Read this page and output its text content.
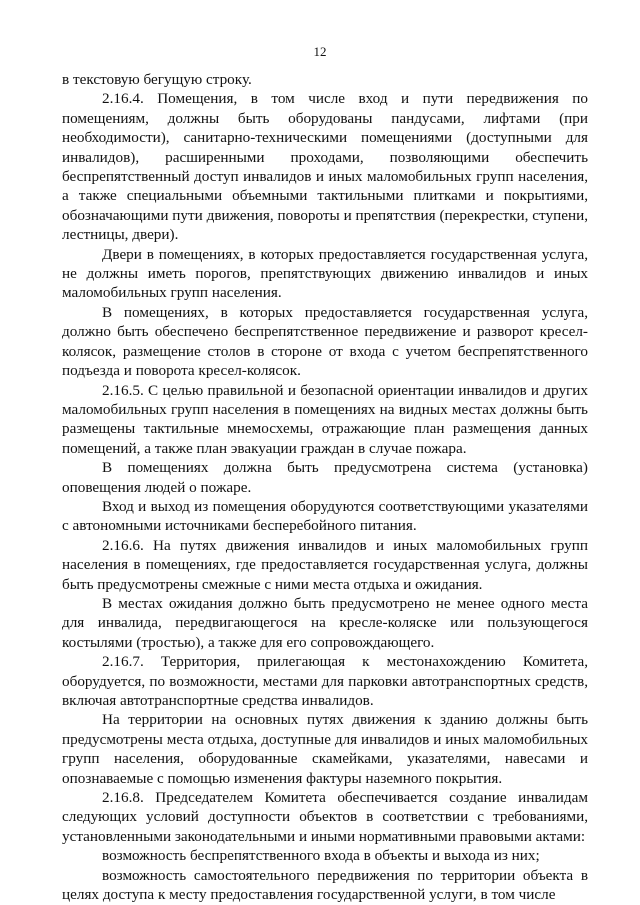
12

в текстовую бегущую строку.

2.16.4. Помещения, в том числе вход и пути передвижения по помещениям, должны быть оборудованы пандусами, лифтами (при необходимости), санитарно-техническими помещениями (доступными для инвалидов), расширенными проходами, позволяющими обеспечить беспрепятственный доступ инвалидов и иных маломобильных групп населения, а также специальными объемными тактильными плитками и покрытиями, обозначающими пути движения, повороты и препятствия (перекрестки, ступени, лестницы, двери).

Двери в помещениях, в которых предоставляется государственная услуга, не должны иметь порогов, препятствующих движению инвалидов и иных маломобильных групп населения.

В помещениях, в которых предоставляется государственная услуга, должно быть обеспечено беспрепятственное передвижение и разворот кресел-колясок, размещение столов в стороне от входа с учетом беспрепятственного подъезда и поворота кресел-колясок.

2.16.5. С целью правильной и безопасной ориентации инвалидов и других маломобильных групп населения в помещениях на видных местах должны быть размещены тактильные мнемосхемы, отражающие план размещения данных помещений, а также план эвакуации граждан в случае пожара.

В помещениях должна быть предусмотрена система (установка) оповещения людей о пожаре.

Вход и выход из помещения оборудуются соответствующими указателями с автономными источниками бесперебойного питания.

2.16.6. На путях движения инвалидов и иных маломобильных групп населения в помещениях, где предоставляется государственная услуга, должны быть предусмотрены смежные с ними места отдыха и ожидания.

В местах ожидания должно быть предусмотрено не менее одного места для инвалида, передвигающегося на кресле-коляске или пользующегося костылями (тростью), а также для его сопровождающего.

2.16.7. Территория, прилегающая к местонахождению Комитета, оборудуется, по возможности, местами для парковки автотранспортных средств, включая автотранспортные средства инвалидов.

На территории на основных путях движения к зданию должны быть предусмотрены места отдыха, доступные для инвалидов и иных маломобильных групп населения, оборудованные скамейками, указателями, навесами и опознаваемые с помощью изменения фактуры наземного покрытия.

2.16.8. Председателем Комитета обеспечивается создание инвалидам следующих условий доступности объектов в соответствии с требованиями, установленными законодательными и иными нормативными правовыми актами:

возможность беспрепятственного входа в объекты и выхода из них;

возможность самостоятельного передвижения по территории объекта в целях доступа к месту предоставления государственной услуги, в том числе
